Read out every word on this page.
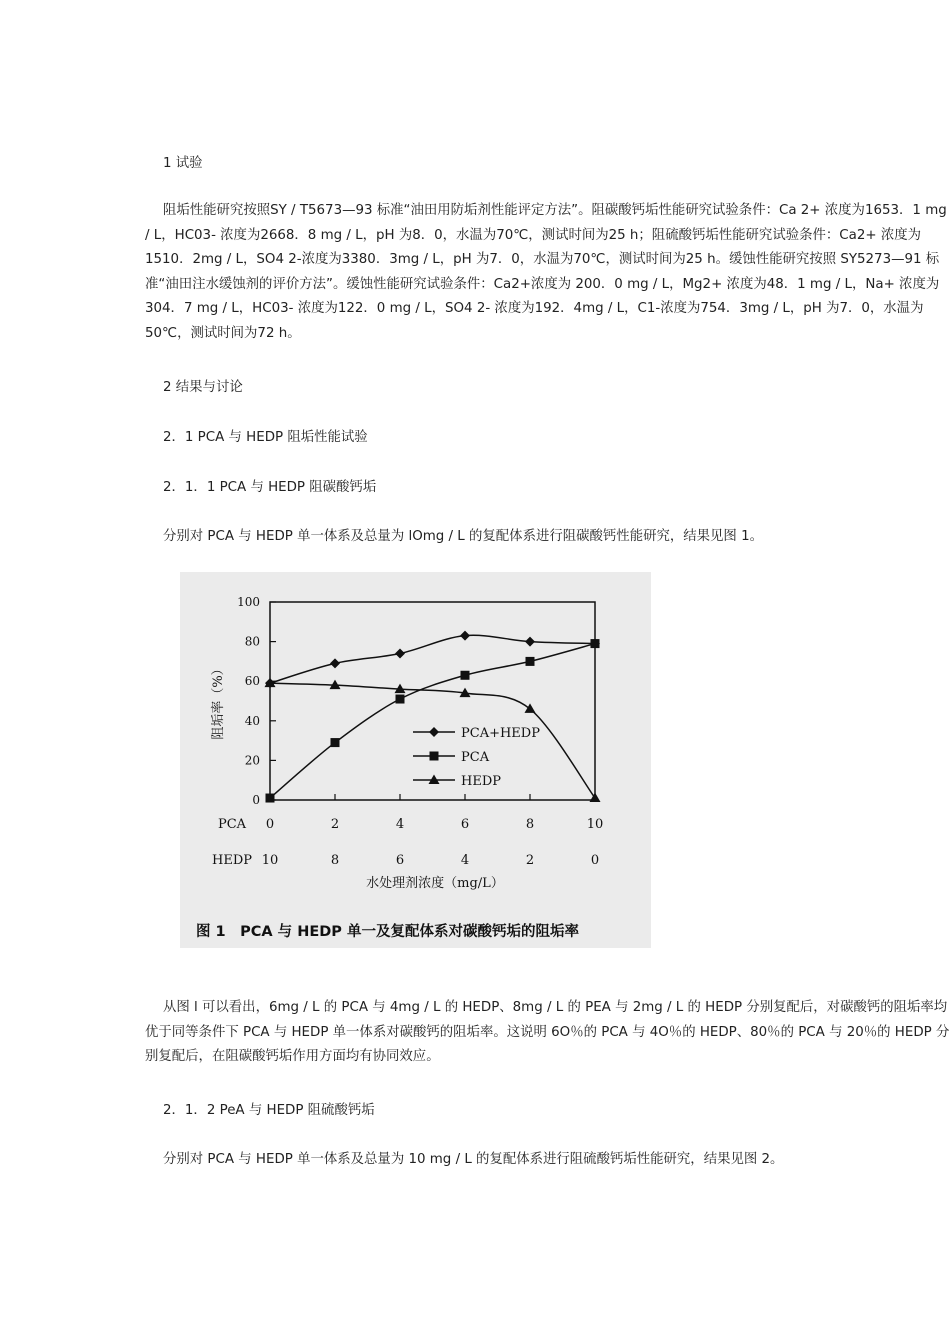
1 试验

阻垢性能研究按照SY / T5673—93 标准“油田用防垢剂性能评定方法”。阻碳酸钙垢性能研究试验条件：Ca 2+ 浓度为1653．1 mg / L，HC03- 浓度为2668．8 mg / L，pH 为8．0，水温为70℃，测试时间为25 h；阻硫酸钙垢性能研究试验条件：Ca2+ 浓度为1510．2mg / L，SO4 2-浓度为3380．3mg / L，pH 为7．0，水温为70℃，测试时间为25 h。缓蚀性能研究按照 SY5273—91 标准“油田注水缓蚀剂的评价方法”。缓蚀性能研究试验条件：Ca2+浓度为 200．0 mg / L，Mg2+ 浓度为48．1 mg / L，Na+ 浓度为304．7 mg / L，HC03- 浓度为122．0 mg / L，SO4 2- 浓度为192．4mg / L，C1-浓度为754．3mg / L，pH 为7．0，水温为50℃，测试时间为72 h。

2 结果与讨论

2．1 PCA 与 HEDP 阻垢性能试验

2．1．1 PCA 与 HEDP 阻碳酸钙垢

分别对 PCA 与 HEDP 单一体系及总量为 lOmg / L 的复配体系进行阻碳酸钙性能研究，结果见图 1。

阻垢率（%）
水处理剂浓度（mg/L）
图 1　PCA 与 HEDP 单一及复配体系对碳酸钙垢的阻垢率
0
20
40
60
80
100
PCA 0	2	4	6	8	10
HEDP 10	8	6	4	2	0
PCA+HEDP
PCA
HEDP

从图 l 可以看出，6mg / L 的 PCA 与 4mg / L 的 HEDP、8mg / L 的 PEA 与 2mg / L 的 HEDP 分别复配后，对碳酸钙的阻垢率均优于同等条件下 PCA 与 HEDP 单一体系对碳酸钙的阻垢率。这说明 6O％的 PCA 与 4O％的 HEDP、80％的 PCA 与 20％的 HEDP 分别复配后，在阻碳酸钙垢作用方面均有协同效应。

2．1．2 PeA 与 HEDP 阻硫酸钙垢

分别对 PCA 与 HEDP 单一体系及总量为 10 mg / L 的复配体系进行阻硫酸钙垢性能研究，结果见图 2。
